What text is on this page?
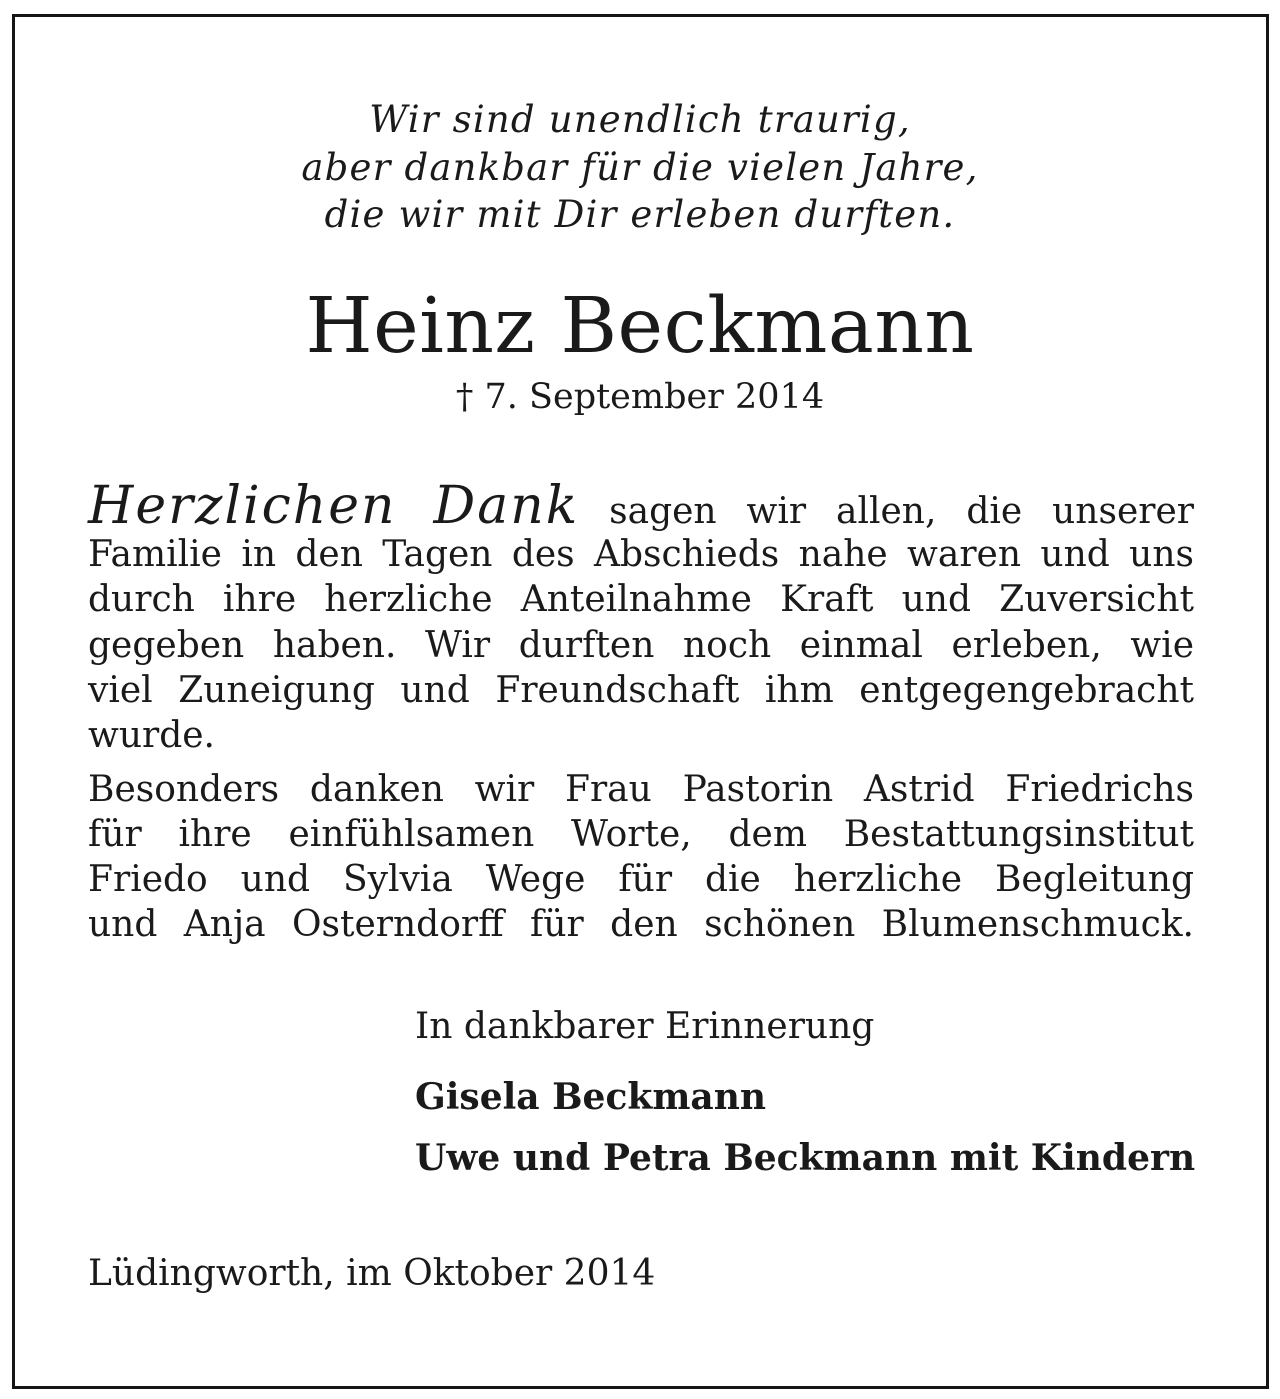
Wir sind unendlich traurig,

aber dankbar für die vielen Jahre,

die wir mit Dir erleben durften.

Heinz Beckmann

† 7. September 2014

Herzlichen Dank sagen wir allen, die unserer

Familie in den Tagen des Abschieds nahe waren und uns

durch ihre herzliche Anteilnahme Kraft und Zuversicht

gegeben haben. Wir durften noch einmal erleben, wie

viel Zuneigung und Freundschaft ihm entgegengebracht

wurde.

Besonders danken wir Frau Pastorin Astrid Friedrichs

für ihre einfühlsamen Worte, dem Bestattungsinstitut

Friedo und Sylvia Wege für die herzliche Begleitung

und Anja Osterndorff für den schönen Blumenschmuck.

In dankbarer Erinnerung

Gisela Beckmann

Uwe und Petra Beckmann mit Kindern

Lüdingworth, im Oktober 2014
